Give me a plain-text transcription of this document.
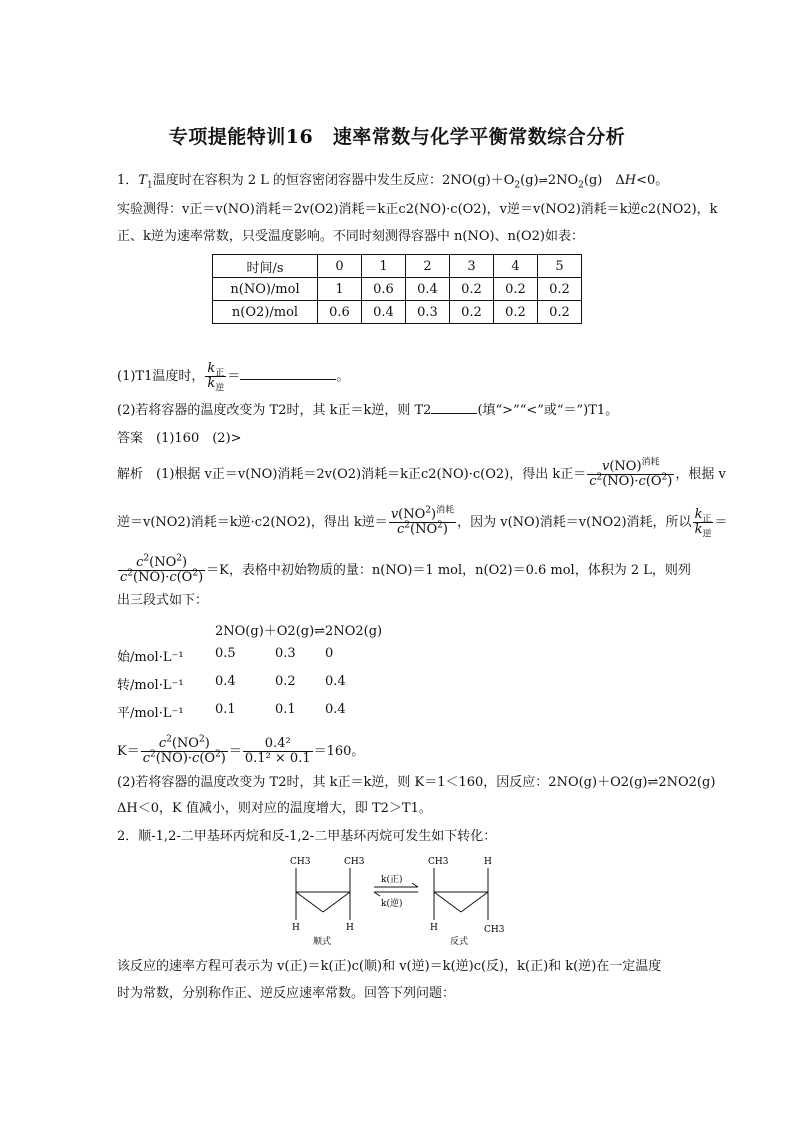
专项提能特训16　速率常数与化学平衡常数综合分析
1．$T_1$温度时在容积为 2 L 的恒容密闭容器中发生反应：$2NO(g)+O_2(g)\rightleftharpoons 2NO_2(g)$　ΔH<0。
实验测得：v正＝v(NO)消耗＝2v(O2)消耗＝k正c2(NO)·c(O2)，v逆＝v(NO2)消耗＝k逆c2(NO2)，k
正、k逆为速率常数，只受温度影响。不同时刻测得容器中 n(NO)、n(O2)如表：
时间/s	0	1	2	3	4	5
n(NO)/mol	1	0.6	0.4	0.2	0.2	0.2
n(O2)/mol	0.6	0.4	0.3	0.2	0.2	0.2
(1)T1温度时， $\frac{k_正}{k_逆}$ ＝	。
(2)若将容器的温度改变为 T2时，其 k正＝k逆，则 T2	(填“>”“<”或“＝”)T1。
答案　(1)160　(2)>
解析　(1)根据 v正＝v(NO)消耗＝2v(O2)消耗＝k正c2(NO)·c(O2)，得出 k正＝ $\frac{v(NO)^{消耗}}{c^2(NO)\cdot c(O^2)}$ ，根据 v
逆＝v(NO2)消耗＝k逆·c2(NO2)，得出 k逆＝ $\frac{v(NO^2)^{消耗}}{c^2(NO^2)}$ ，因为 v(NO)消耗＝v(NO2)消耗，所以 $\frac{k_正}{k_逆}$ ＝
$\frac{c^2(NO^2)}{c^2(NO)\cdot c(O^2)} =K$，表格中初始物质的量：n(NO)＝1 mol，n(O2)＝0.6 mol，体积为 2 L，则列
出三段式如下：
2NO(g)＋O2(g)⇌2NO2(g)
始/mol·L⁻¹ 0.5	0.3 0
转/mol·L⁻¹ 0.4	0.2 0.4
平/mol·L⁻¹ 0.1	0.1 0.4
$K= \frac{c^2(NO^2)}{c^2(NO)\cdot c(O^2)} = \frac{\text{0.4²}}{\text{0.1² × 0.1}} =160$。
(2)若将容器的温度改变为 T2时，其 k正＝k逆，则 K＝1＜160，因反应：2NO(g)＋O2(g)⇌2NO2(g)
ΔH＜0，K 值减小，则对应的温度增大，即 T2＞T1。
2．顺-1,2-二甲基环丙烷和反-1,2-二甲基环丙烷可发生如下转化：
CH3	CH3
H	H
顺式
k(正)
k(逆)
CH3	H
H	CH3
反式
该反应的速率方程可表示为 v(正)＝k(正)c(顺)和 v(逆)＝k(逆)c(反)，k(正)和 k(逆)在一定温度
时为常数，分别称作正、逆反应速率常数。回答下列问题：
